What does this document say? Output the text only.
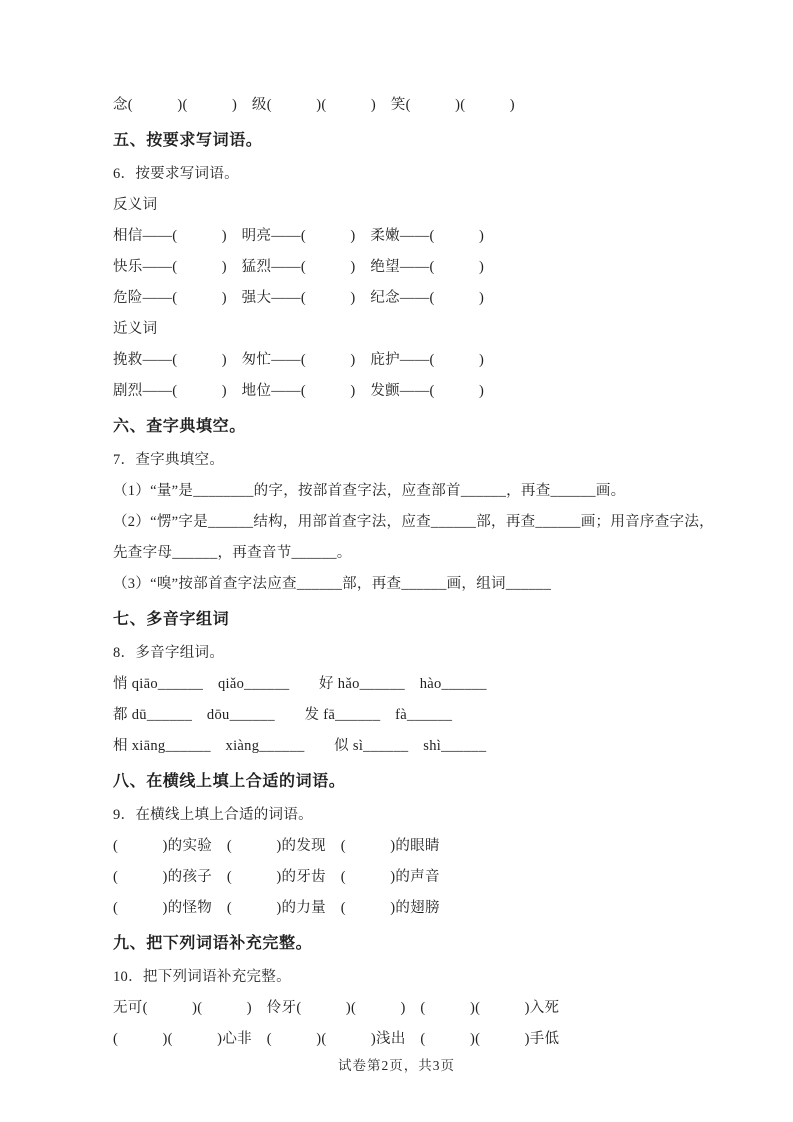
念(　　　)(　　　)　级(　　　)(　　　)　笑(　　　)(　　　)
五、按要求写词语。
6．按要求写词语。
反义词
相信——(　　　)　明亮——(　　　)　柔嫩——(　　　)
快乐——(　　　)　猛烈——(　　　)　绝望——(　　　)
危险——(　　　)　强大——(　　　)　纪念——(　　　)
近义词
挽救——(　　　)　匆忙——(　　　)　庇护——(　　　)
剧烈——(　　　)　地位——(　　　)　发颤——(　　　)
六、查字典填空。
7．查字典填空。
（1）“量”是________的字，按部首查字法，应查部首______，再查______画。
（2）“愣”字是______结构，用部首查字法，应查______部，再查______画；用音序查字法，
先查字母______，再查音节______。
（3）“嗅”按部首查字法应查______部，再查______画，组词______
七、多音字组词
8．多音字组词。
悄 qiāo______　qiǎo______　　好 hǎo______　hào______
都 dū______　dōu______　　发 fā______　fà______
相 xiāng______　xiàng______　　似 sì______　shì______
八、在横线上填上合适的词语。
9．在横线上填上合适的词语。
(　　　)的实验　(　　　)的发现　(　　　)的眼睛
(　　　)的孩子　(　　　)的牙齿　(　　　)的声音
(　　　)的怪物　(　　　)的力量　(　　　)的翅膀
九、把下列词语补充完整。
10．把下列词语补充完整。
无可(　　　)(　　　)　伶牙(　　　)(　　　)　(　　　)(　　　)入死
(　　　)(　　　)心非　(　　　)(　　　)浅出　(　　　)(　　　)手低
试卷第2页，共3页
